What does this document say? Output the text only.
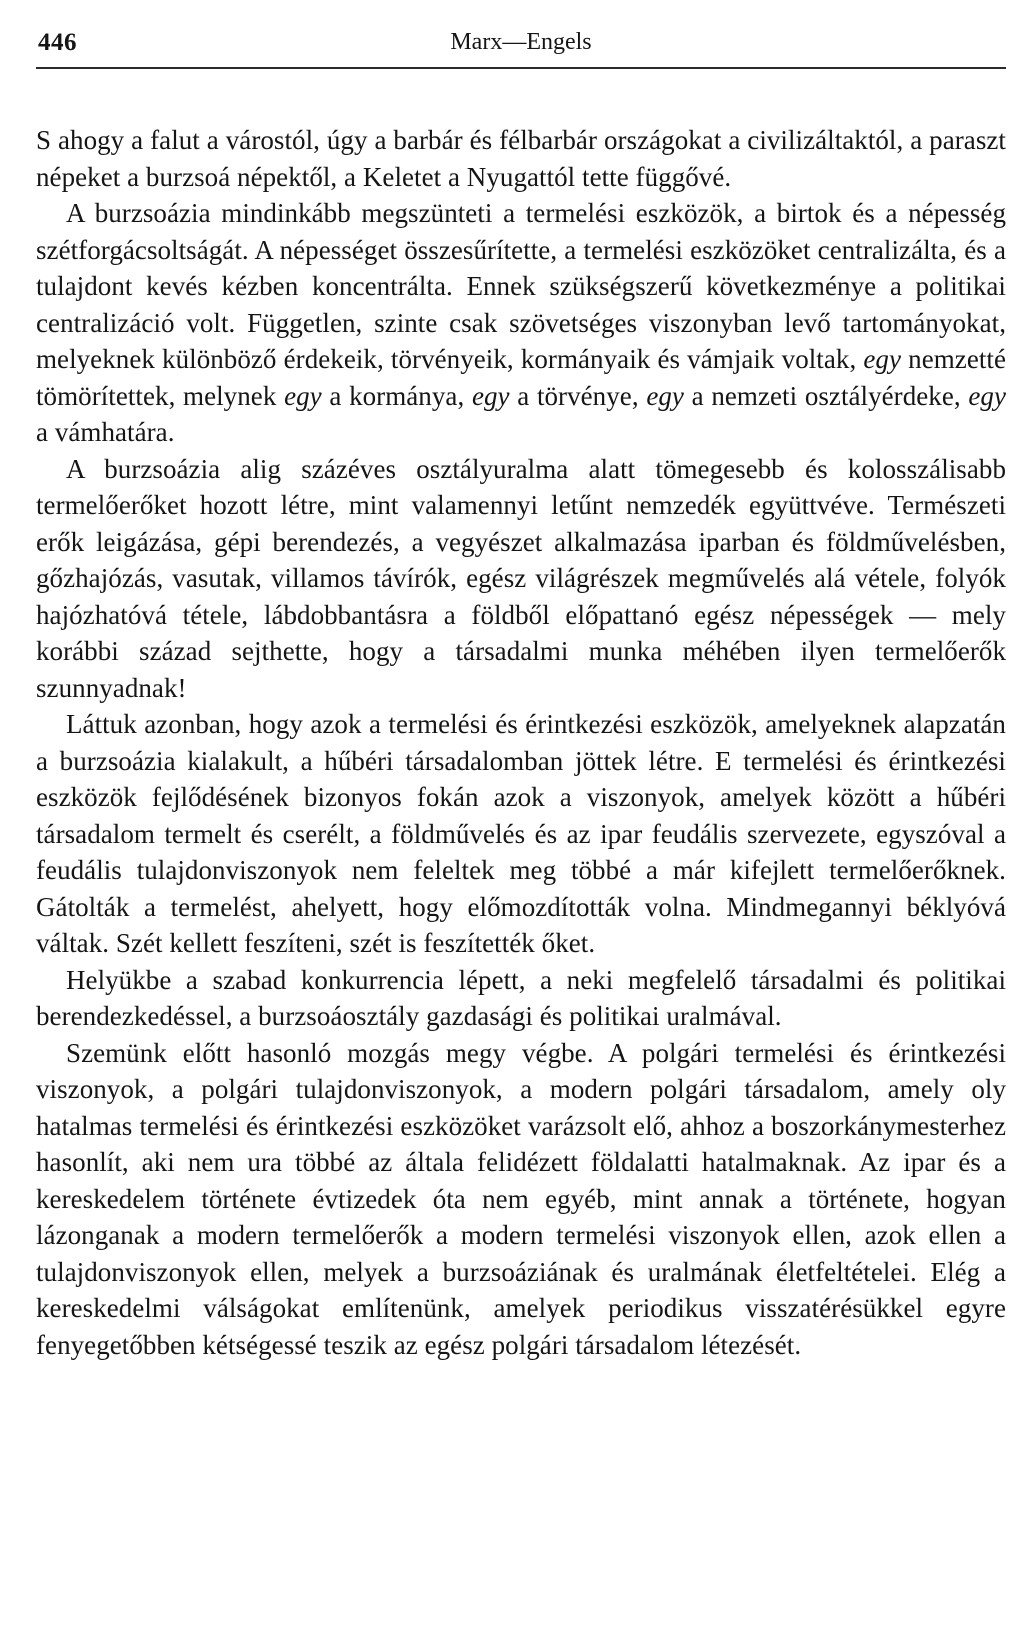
446	Marx—Engels

S ahogy a falut a várostól, úgy a barbár és félbarbár országokat a civilizáltaktól, a paraszt népeket a burzsoá népektől, a Keletet a Nyugattól tette függővé.

A burzsoázia mindinkább megszünteti a termelési eszközök, a birtok és a népesség szétforgácsoltságát. A népességet összesűrítette, a termelési eszközöket centralizálta, és a tulajdont kevés kézben koncentrálta. Ennek szükségszerű következménye a politikai centralizáció volt. Független, szinte csak szövetséges viszonyban levő tartományokat, melyeknek különböző érdekeik, törvényeik, kormányaik és vámjaik voltak, egy nemzetté tömörítettek, melynek egy a kormánya, egy a törvénye, egy a nemzeti osztályérdeke, egy a vámhatára.

A burzsoázia alig százéves osztályuralma alatt tömegesebb és kolosszálisabb termelőerőket hozott létre, mint valamennyi letűnt nemzedék együttvéve. Természeti erők leigázása, gépi berendezés, a vegyészet alkalmazása iparban és földművelésben, gőzhajózás, vasutak, villamos távírók, egész világrészek megművelés alá vétele, folyók hajózhatóvá tétele, lábdobbantásra a földből előpattanó egész népességek — mely korábbi század sejthette, hogy a társadalmi munka méhében ilyen termelőerők szunnyadnak!

Láttuk azonban, hogy azok a termelési és érintkezési eszközök, amelyeknek alapzatán a burzsoázia kialakult, a hűbéri társadalomban jöttek létre. E termelési és érintkezési eszközök fejlődésének bizonyos fokán azok a viszonyok, amelyek között a hűbéri társadalom termelt és cserélt, a földművelés és az ipar feudális szervezete, egyszóval a feudális tulajdonviszonyok nem feleltek meg többé a már kifejlett termelőerőknek. Gátolták a termelést, ahelyett, hogy előmozdították volna. Mindmegannyi béklyóvá váltak. Szét kellett feszíteni, szét is feszítették őket.

Helyükbe a szabad konkurrencia lépett, a neki megfelelő társadalmi és politikai berendezkedéssel, a burzsoáosztály gazdasági és politikai uralmával.

Szemünk előtt hasonló mozgás megy végbe. A polgári termelési és érintkezési viszonyok, a polgári tulajdonviszonyok, a modern polgári társadalom, amely oly hatalmas termelési és érintkezési eszközöket varázsolt elő, ahhoz a boszorkánymesterhez hasonlít, aki nem ura többé az általa felidézett földalatti hatalmaknak. Az ipar és a kereskedelem története évtizedek óta nem egyéb, mint annak a története, hogyan lázonganak a modern termelőerők a modern termelési viszonyok ellen, azok ellen a tulajdonviszonyok ellen, melyek a burzsoáziának és uralmának életfeltételei. Elég a kereskedelmi válságokat említenünk, amelyek periodikus visszatérésükkel egyre fenyegetőbben kétségessé teszik az egész polgári társadalom létezését.
